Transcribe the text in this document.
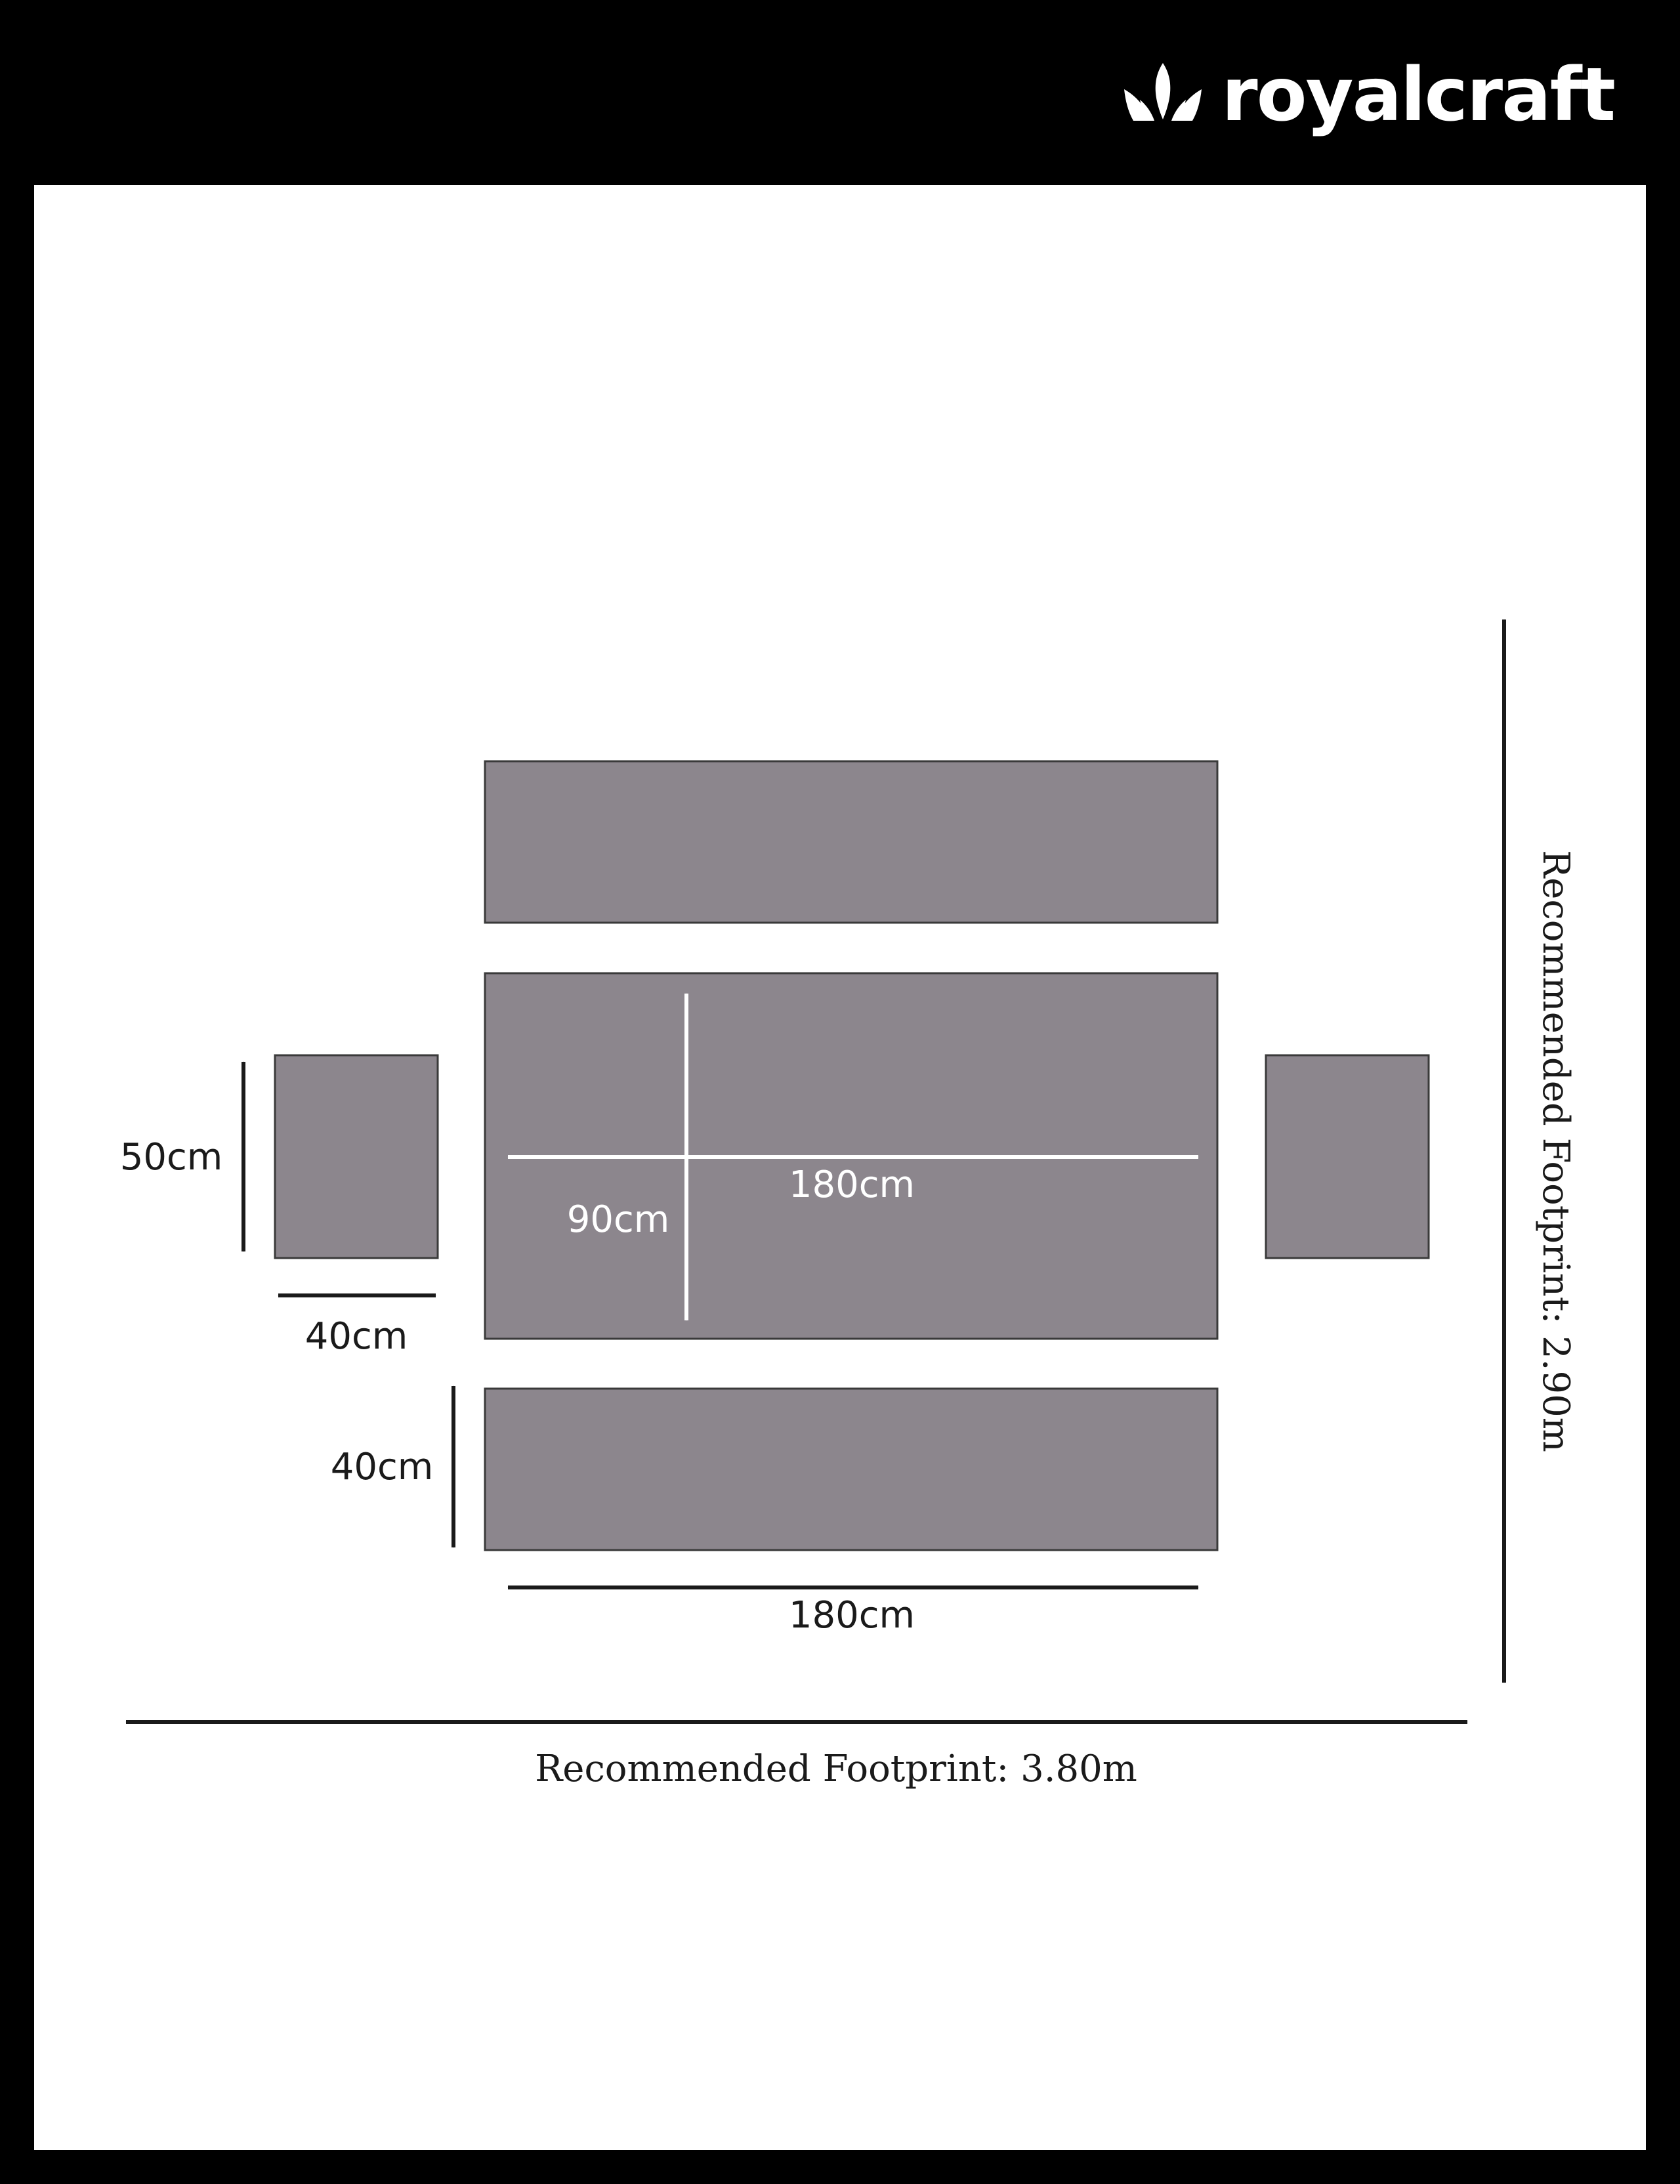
royalcraft
180cm
90cm
50cm
40cm
40cm
180cm
Recommended Footprint: 3.80m
Recommended Footprint: 2.90m
